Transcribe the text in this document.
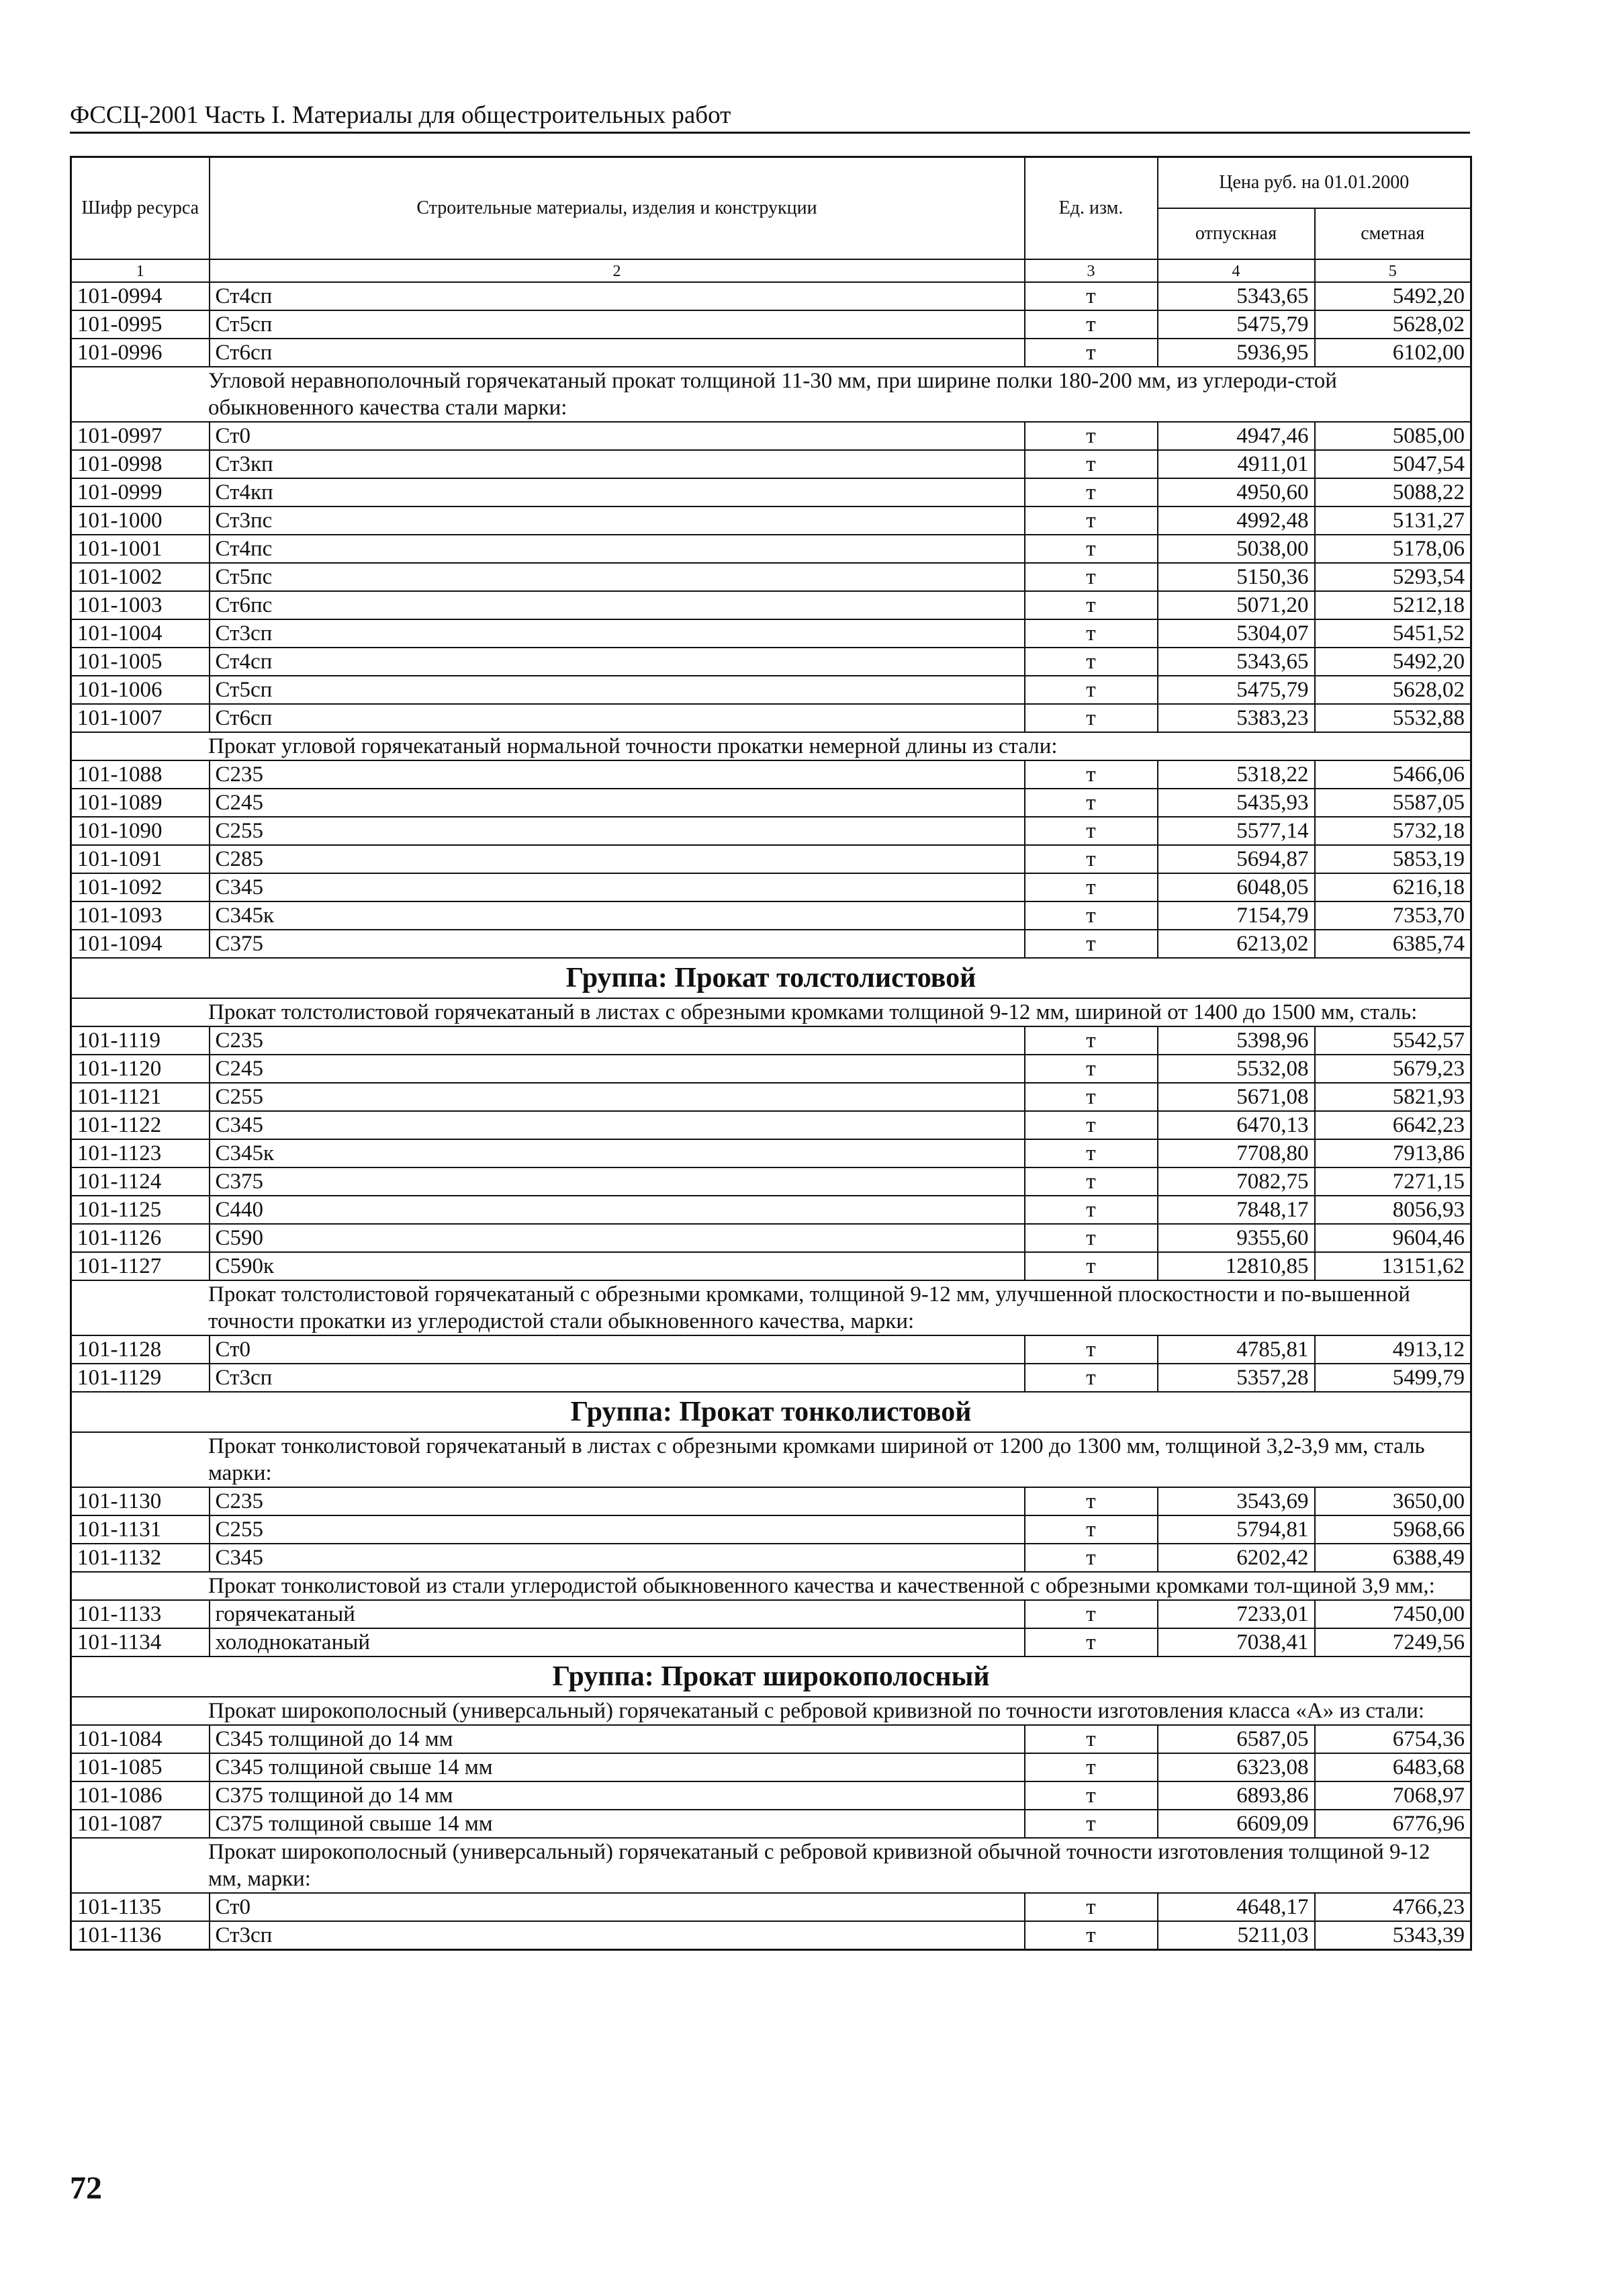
ФССЦ-2001 Часть I. Материалы для общестроительных работ
Шифр ресурса	Строительные материалы, изделия и конструкции	Ед. изм.	Цена руб. на 01.01.2000	
			отпускная	сметная
1	2	3	4	5
101-0994	Ст4сп	т	5343,65	5492,20
101-0995	Ст5сп	т	5475,79	5628,02
101-0996	Ст6сп	т	5936,95	6102,00
Угловой неравнополочный горячекатаный прокат толщиной 11-30 мм, при ширине полки 180-200 мм, из углероди-стой обыкновенного качества стали марки:				
101-0997	Ст0	т	4947,46	5085,00
101-0998	Ст3кп	т	4911,01	5047,54
101-0999	Ст4кп	т	4950,60	5088,22
101-1000	Ст3пс	т	4992,48	5131,27
101-1001	Ст4пс	т	5038,00	5178,06
101-1002	Ст5пс	т	5150,36	5293,54
101-1003	Ст6пс	т	5071,20	5212,18
101-1004	Ст3сп	т	5304,07	5451,52
101-1005	Ст4сп	т	5343,65	5492,20
101-1006	Ст5сп	т	5475,79	5628,02
101-1007	Ст6сп	т	5383,23	5532,88
Прокат угловой горячекатаный нормальной точности прокатки немерной длины из стали:				
101-1088	С235	т	5318,22	5466,06
101-1089	С245	т	5435,93	5587,05
101-1090	С255	т	5577,14	5732,18
101-1091	С285	т	5694,87	5853,19
101-1092	С345	т	6048,05	6216,18
101-1093	С345к	т	7154,79	7353,70
101-1094	С375	т	6213,02	6385,74
Группа: Прокат толстолистовой				
Прокат толстолистовой горячекатаный в листах с обрезными кромками толщиной 9-12 мм, шириной от 1400 до 1500 мм, сталь:				
101-1119	С235	т	5398,96	5542,57
101-1120	С245	т	5532,08	5679,23
101-1121	С255	т	5671,08	5821,93
101-1122	С345	т	6470,13	6642,23
101-1123	С345к	т	7708,80	7913,86
101-1124	С375	т	7082,75	7271,15
101-1125	С440	т	7848,17	8056,93
101-1126	С590	т	9355,60	9604,46
101-1127	С590к	т	12810,85	13151,62
Прокат толстолистовой горячекатаный с обрезными кромками, толщиной 9-12 мм, улучшенной плоскостности и по-вышенной точности прокатки из углеродистой стали обыкновенного качества, марки:				
101-1128	Ст0	т	4785,81	4913,12
101-1129	Ст3сп	т	5357,28	5499,79
Группа: Прокат тонколистовой				
Прокат тонколистовой горячекатаный в листах с обрезными кромками шириной от 1200 до 1300 мм, толщиной 3,2-3,9 мм, сталь марки:				
101-1130	С235	т	3543,69	3650,00
101-1131	С255	т	5794,81	5968,66
101-1132	С345	т	6202,42	6388,49
Прокат тонколистовой из стали углеродистой обыкновенного качества и качественной с обрезными кромками тол-щиной 3,9 мм,:				
101-1133	горячекатаный	т	7233,01	7450,00
101-1134	холоднокатаный	т	7038,41	7249,56
Группа: Прокат широкополосный				
Прокат широкополосный (универсальный) горячекатаный с ребровой кривизной по точности изготовления класса «А» из стали:				
101-1084	С345 толщиной до 14 мм	т	6587,05	6754,36
101-1085	С345 толщиной свыше 14 мм	т	6323,08	6483,68
101-1086	С375 толщиной до 14 мм	т	6893,86	7068,97
101-1087	С375 толщиной свыше 14 мм	т	6609,09	6776,96
Прокат широкополосный (универсальный) горячекатаный с ребровой кривизной обычной точности изготовления толщиной 9-12 мм, марки:				
101-1135	Ст0	т	4648,17	4766,23
101-1136	Ст3сп	т	5211,03	5343,39
72
